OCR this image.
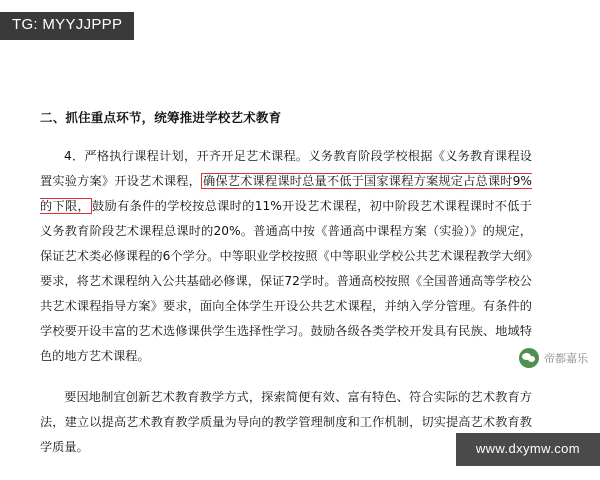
二、抓住重点环节，统筹推进学校艺术教育

4．严格执行课程计划，开齐开足艺术课程。义务教育阶段学校根据《义务教育课程设置实验方案》开设艺术课程， 确保艺术课程课时总量不低于国家课程方案规定占总课时9%的下限， 鼓励有条件的学校按总课时的11%开设艺术课程，初中阶段艺术课程课时不低于义务教育阶段艺术课程总课时的20%。普通高中按《普通高中课程方案（实验）》的规定，保证艺术类必修课程的6个学分。中等职业学校按照《中等职业学校公共艺术课程教学大纲》要求，将艺术课程纳入公共基础必修课，保证72学时。普通高校按照《全国普通高等学校公共艺术课程指导方案》要求，面向全体学生开设公共艺术课程，并纳入学分管理。有条件的学校要开设丰富的艺术选修课供学生选择性学习。鼓励各级各类学校开发具有民族、地域特色的地方艺术课程。

要因地制宜创新艺术教育教学方式，探索简便有效、富有特色、符合实际的艺术教育方法，建立以提高艺术教育教学质量为导向的教学管理制度和工作机制，切实提高艺术教育教学质量。

帝都嘉乐
TG: MYYJJPPP
www.dxymw.com
